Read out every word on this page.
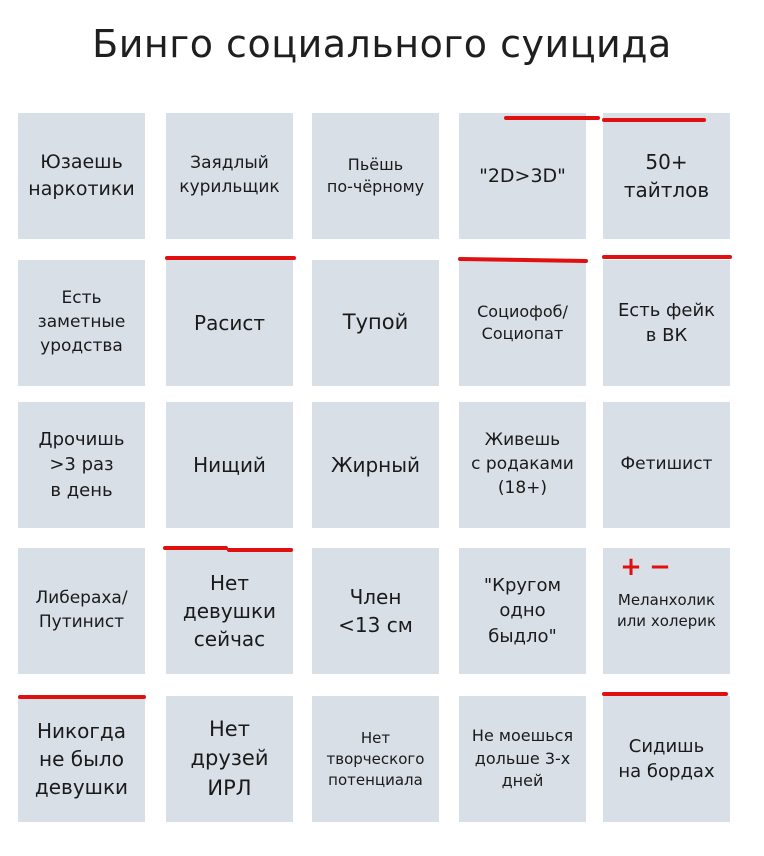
Бинго социального суицида
Юзаешь
наркотики
Заядлый
курильщик
Пьёшь
по-чёрному	"2D>3D"
50+
тайтлов
Есть
заметные
уродства
Расист	Тупой	Социофоб/
Социопат
Есть фейк
в ВК
Дрочишь
>3 раз
в день
Нищий	Жирный
Живешь
с родаками
(18+)
Фетишист
Либераха/
Путинист
Нет
девушки
сейчас
Член
<13 см
"Кругом
одно
быдло"
Меланхолик
или холерик
Никогда
не было
девушки
Нет
друзей
ИРЛ
Нет
творческого
потенциала
Не моешься
дольше 3-х
дней
Сидишь
на бордах
+ −
